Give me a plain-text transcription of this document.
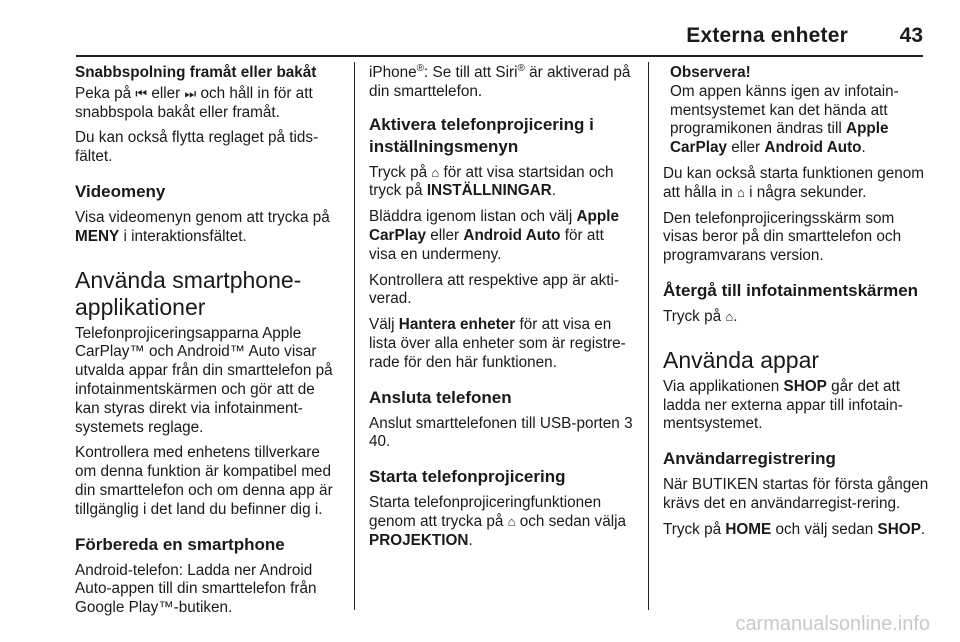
Externa enheter 43

Snabbspolning framåt eller bakåt

Peka på ⏮ eller ⏭ och håll in för att snabbspola bakåt eller framåt.

Du kan också flytta reglaget på tids-fältet.

Videomeny

Visa videomenyn genom att trycka på MENY i interaktionsfältet.

Använda smartphone-applikationer

Telefonprojiceringsapparna Apple CarPlay™ och Android™ Auto visar utvalda appar från din smarttelefon på infotainmentskärmen och gör att de kan styras direkt via infotainment-systemets reglage.

Kontrollera med enhetens tillverkare om denna funktion är kompatibel med din smarttelefon och om denna app är tillgänglig i det land du befinner dig i.

Förbereda en smartphone

Android-telefon: Ladda ner Android Auto-appen till din smarttelefon från Google Play™-butiken.

iPhone®: Se till att Siri® är aktiverad på din smarttelefon.

Aktivera telefonprojicering i inställningsmenyn

Tryck på ⌂ för att visa startsidan och tryck på INSTÄLLNINGAR.

Bläddra igenom listan och välj Apple CarPlay eller Android Auto för att visa en undermeny.

Kontrollera att respektive app är akti-verad.

Välj Hantera enheter för att visa en lista över alla enheter som är registre-rade för den här funktionen.

Ansluta telefonen

Anslut smarttelefonen till USB-porten 3 40.

Starta telefonprojicering

Starta telefonprojiceringfunktionen genom att trycka på ⌂ och sedan välja PROJEKTION.

Observera!

Om appen känns igen av infotain-mentsystemet kan det hända att programikonen ändras till Apple CarPlay eller Android Auto.

Du kan också starta funktionen genom att hålla in ⌂ i några sekunder.

Den telefonprojiceringsskärm som visas beror på din smarttelefon och programvarans version.

Återgå till infotainmentskärmen

Tryck på ⌂.

Använda appar

Via applikationen SHOP går det att ladda ner externa appar till infotain-mentsystemet.

Användarregistrering

När BUTIKEN startas för första gången krävs det en användarregist-rering.

Tryck på HOME och välj sedan SHOP.

carmanualsonline.info
